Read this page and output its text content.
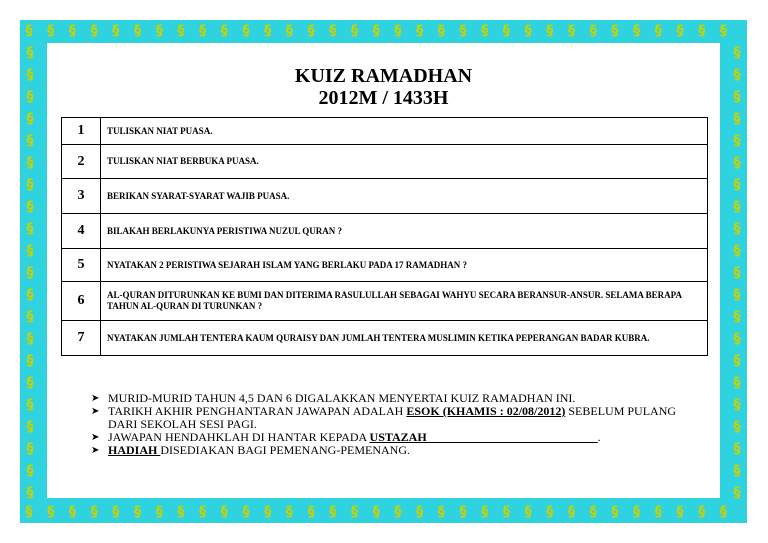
§
§
§
§
§
§
§
§
§
§
§
§
§
§
§
§
§
§
§
§
§
§
§
§
§
§
§
§
§
§
§
§
§
§
§
§
§
§
§
§
§
§
§
§
§
§
§
§
§
§
§
§
§
§
§
§
§
§
§
§
§
§
§
§
§
§
§	§
§	§
§	§
§	§
§	§
§	§
§	§
§	§
§	§
§	§
§	§
§	§
§	§
§	§
§	§
§	§
§	§
§	§
§	§
§	§
§	§
KUIZ RAMADHAN
2012M / 1433H
1	TULISKAN NIAT PUASA.
2	TULISKAN NIAT BERBUKA PUASA.
3	BERIKAN SYARAT-SYARAT WAJIB PUASA.
4	BILAKAH BERLAKUNYA PERISTIWA NUZUL QURAN ?
5	NYATAKAN 2 PERISTIWA SEJARAH ISLAM YANG BERLAKU PADA 17 RAMADHAN ?
6	AL-QURAN DITURUNKAN KE BUMI DAN DITERIMA RASULULLAH SEBAGAI WAHYU SECARA BERANSUR-ANSUR. SELAMA BERAPA TAHUN AL-QURAN DI TURUNKAN ?
7	NYATAKAN JUMLAH TENTERA KAUM QURAISY DAN JUMLAH TENTERA MUSLIMIN KETIKA PEPERANGAN BADAR KUBRA.
➤ MURID-MURID TAHUN 4,5 DAN 6 DIGALAKKAN MENYERTAI KUIZ RAMADHAN INI.
➤ TARIKH AKHIR PENGHANTARAN JAWAPAN ADALAH ESOK (KHAMIS : 02/08/2012) SEBELUM PULANG DARI SEKOLAH SESI PAGI.
➤ JAWAPAN HENDAHKLAH DI HANTAR KEPADA USTAZAH ____________________________.
➤ HADIAH DISEDIAKAN BAGI PEMENANG-PEMENANG.
